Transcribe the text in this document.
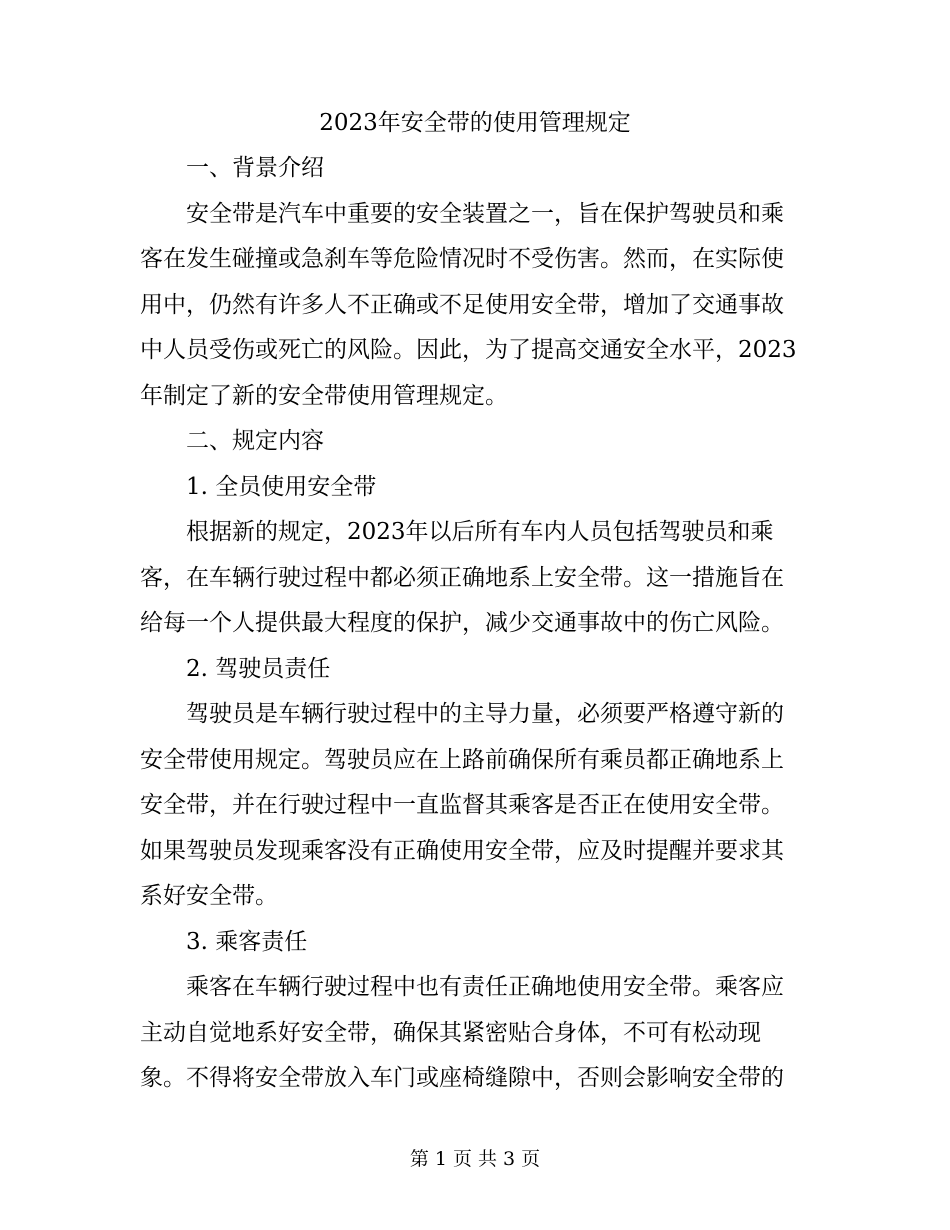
2023年安全带的使用管理规定

一、背景介绍

安全带是汽车中重要的安全装置之一，旨在保护驾驶员和乘客在发生碰撞或急刹车等危险情况时不受伤害。然而，在实际使用中，仍然有许多人不正确或不足使用安全带，增加了交通事故中人员受伤或死亡的风险。因此，为了提高交通安全水平，2023年制定了新的安全带使用管理规定。

二、规定内容

1. 全员使用安全带

根据新的规定，2023年以后所有车内人员包括驾驶员和乘客，在车辆行驶过程中都必须正确地系上安全带。这一措施旨在给每一个人提供最大程度的保护，减少交通事故中的伤亡风险。

2. 驾驶员责任

驾驶员是车辆行驶过程中的主导力量，必须要严格遵守新的安全带使用规定。驾驶员应在上路前确保所有乘员都正确地系上安全带，并在行驶过程中一直监督其乘客是否正在使用安全带。如果驾驶员发现乘客没有正确使用安全带，应及时提醒并要求其系好安全带。

3. 乘客责任

乘客在车辆行驶过程中也有责任正确地使用安全带。乘客应主动自觉地系好安全带，确保其紧密贴合身体，不可有松动现象。不得将安全带放入车门或座椅缝隙中，否则会影响安全带的

第 1 页 共 3 页
